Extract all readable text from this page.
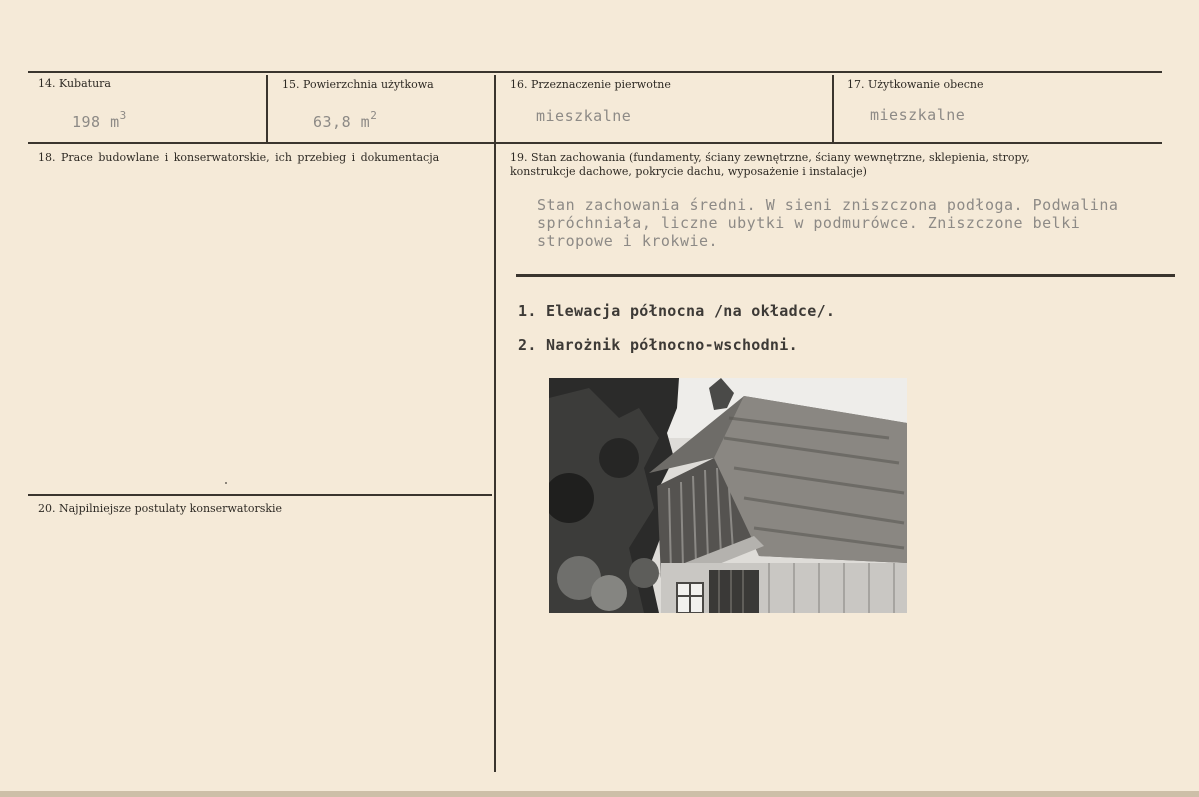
14. Kubatura
198 $m^3$
15. Powierzchnia użytkowa
63,8 $m^2$
16. Przeznaczenie pierwotne
mieszkalne
17. Użytkowanie obecne
mieszkalne
18. Prace budowlane i konserwatorskie, ich przebieg i dokumentacja	19. Stan zachowania (fundamenty, ściany zewnętrzne, ściany wewnętrzne, sklepienia, stropy,
konstrukcje dachowe, pokrycie dachu, wyposażenie i instalacje)
Stan zachowania średni. W sieni zniszczona podłoga. Podwalina
spróchniała, liczne ubytki w podmurówce. Zniszczone belki
stropowe i krokwie.
20. Najpilniejsze postulaty konserwatorskie
1. Elewacja północna /na okładce/.
2. Narożnik północno-wschodni.
